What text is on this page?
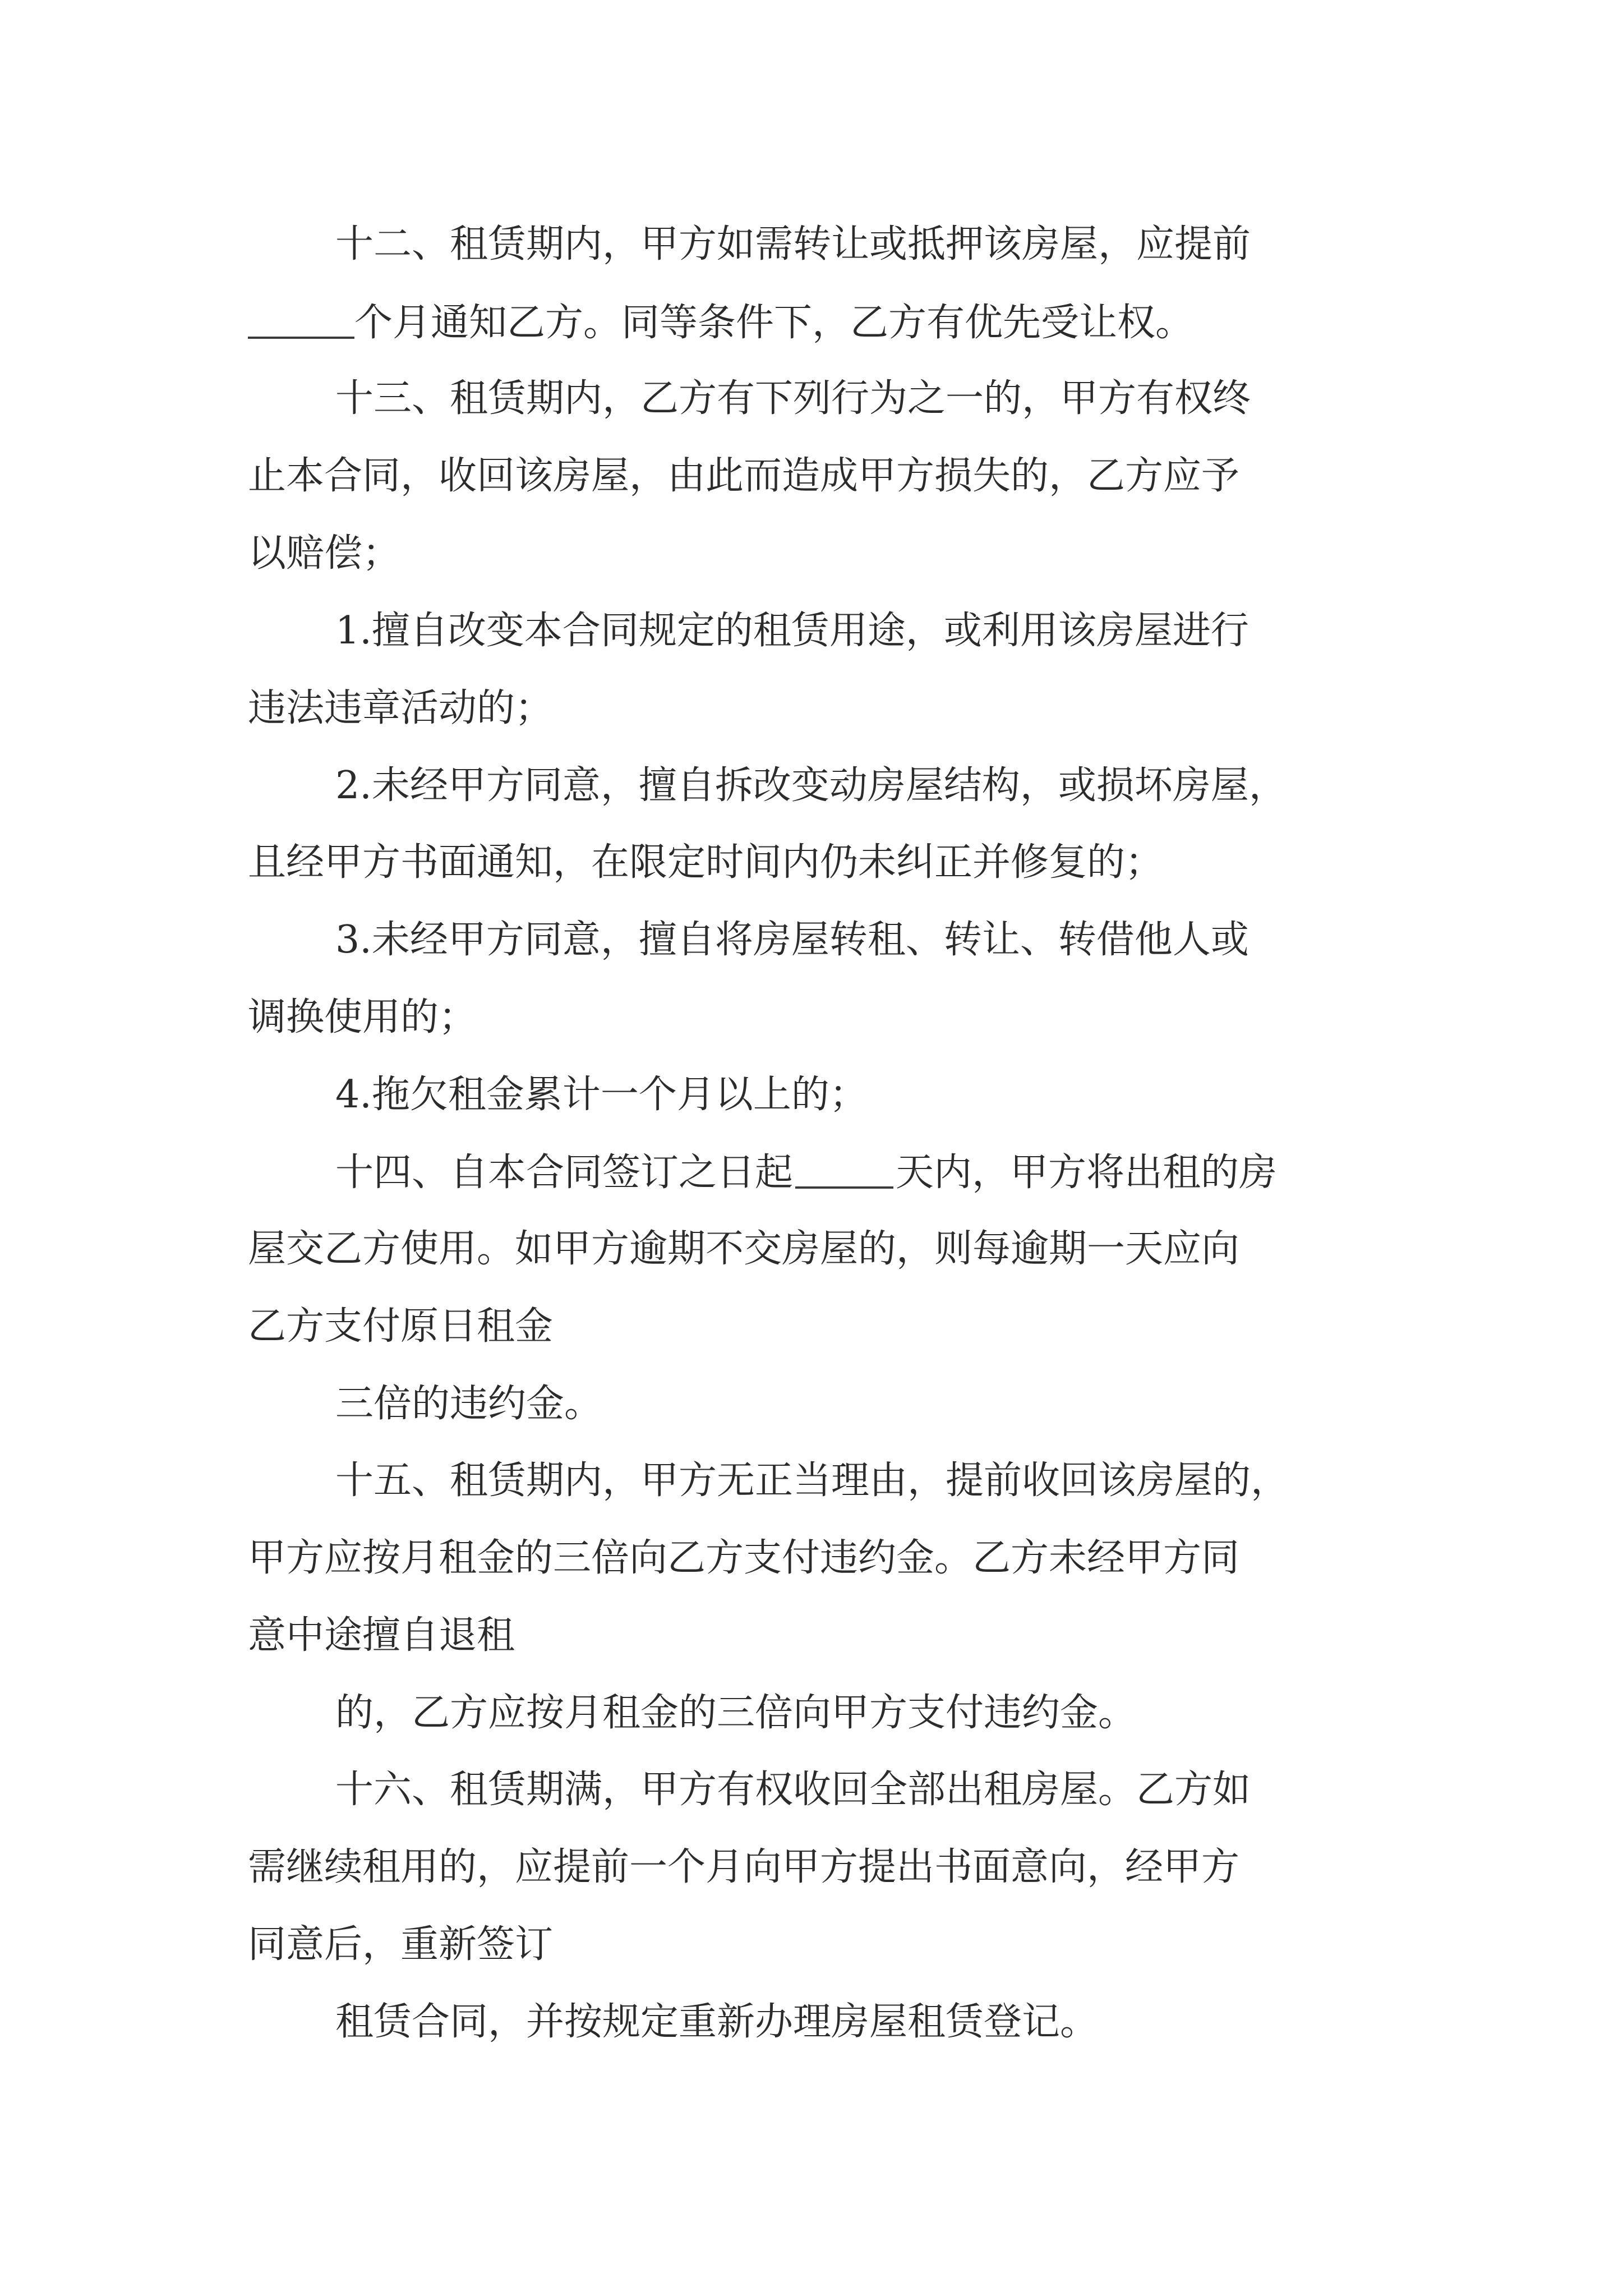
十二、租赁期内，甲方如需转让或抵押该房屋，应提前
个月通知乙方。同等条件下，乙方有优先受让权。
十三、租赁期内，乙方有下列行为之一的，甲方有权终
止本合同，收回该房屋，由此而造成甲方损失的，乙方应予
以赔偿；
1.擅自改变本合同规定的租赁用途，或利用该房屋进行
违法违章活动的；
2.未经甲方同意，擅自拆改变动房屋结构，或损坏房屋，
且经甲方书面通知，在限定时间内仍未纠正并修复的；
3.未经甲方同意，擅自将房屋转租、转让、转借他人或
调换使用的；
4.拖欠租金累计一个月以上的；
十四、自本合同签订之日起	天内，甲方将出租的房
屋交乙方使用。如甲方逾期不交房屋的，则每逾期一天应向
乙方支付原日租金
三倍的违约金。
十五、租赁期内，甲方无正当理由，提前收回该房屋的，
甲方应按月租金的三倍向乙方支付违约金。乙方未经甲方同
意中途擅自退租
的，乙方应按月租金的三倍向甲方支付违约金。
十六、租赁期满，甲方有权收回全部出租房屋。乙方如
需继续租用的，应提前一个月向甲方提出书面意向，经甲方
同意后，重新签订
租赁合同，并按规定重新办理房屋租赁登记。
